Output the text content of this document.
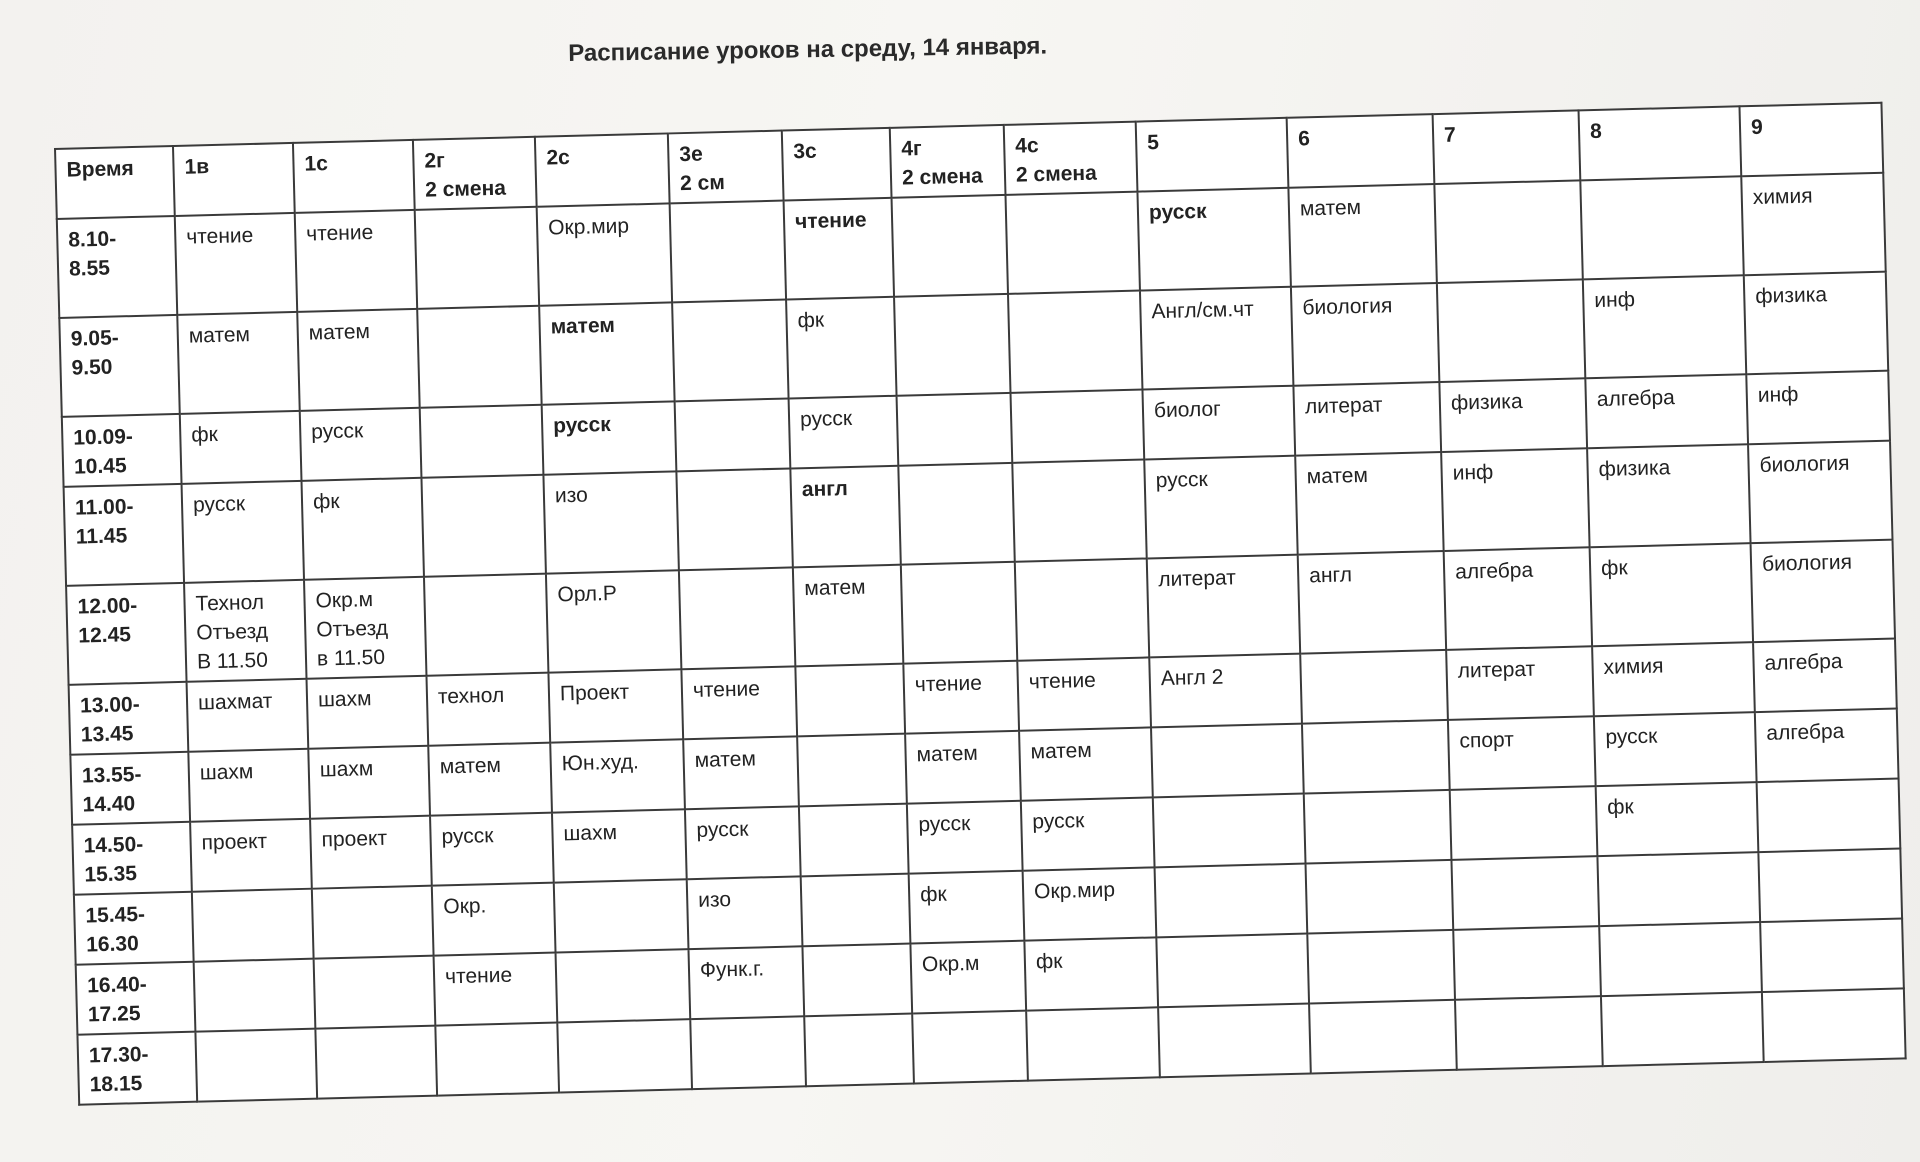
Расписание уроков на среду, 14 января.
Время	1в	1с	2г
2 смена	2с	3е
2 см	3с	4г
2 смена	4с
2 смена	5	6	7	8	9
8.10-
8.55	чтение	чтение		Окр.мир		чтение			русск	матем			химия
9.05-
9.50	матем	матем		матем		фк			Англ/см.чт	биология		инф	физика
10.09-
10.45	фк	русск		русск		русск			биолог	литерат	физика	алгебра	инф
11.00-
11.45	русск	фк		изо		англ			русск	матем	инф	физика	биология
12.00-
12.45	Технол
Отъезд
В 11.50	Окр.м
Отъезд
в 11.50		Орл.Р		матем			литерат	англ	алгебра	фк	биология
13.00-
13.45	шахмат	шахм	технол	Проект	чтение		чтение	чтение	Англ 2		литерат	химия	алгебра
13.55-
14.40	шахм	шахм	матем	Юн.худ.	матем		матем	матем			спорт	русск	алгебра
14.50-
15.35	проект	проект	русск	шахм	русск		русск	русск				фк	
15.45-
16.30			Окр.		изо		фк	Окр.мир					
16.40-
17.25			чтение		Функ.г.		Окр.м	фк					
17.30-
18.15													
